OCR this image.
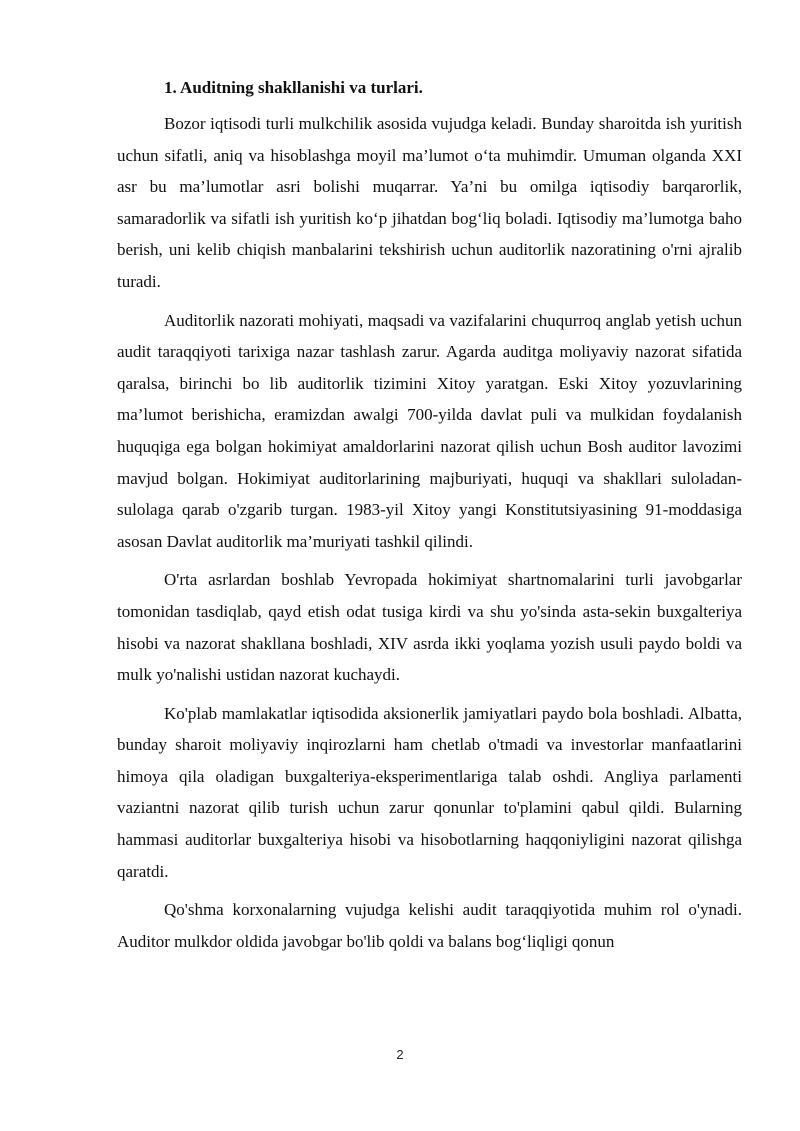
1. Auditning shakllanishi va turlari.

Bozor iqtisodi turli mulkchilik asosida vujudga keladi. Bunday sharoitda ish yuritish uchun sifatli, aniq va hisoblashga moyil ma’lumot o‘ta muhimdir. Umuman olganda XXI asr bu ma’lumotlar asri bolishi muqarrar. Ya’ni bu omilga iqtisodiy barqarorlik, samaradorlik va sifatli ish yuritish ko‘p jihatdan bog‘liq boladi. Iqtisodiy ma’lumotga baho berish, uni kelib chiqish manbalarini tekshirish uchun auditorlik nazoratining o'rni ajralib turadi.

Auditorlik nazorati mohiyati, maqsadi va vazifalarini chuqurroq anglab yetish uchun audit taraqqiyoti tarixiga nazar tashlash zarur. Agarda auditga moliyaviy nazorat sifatida qaralsa, birinchi bo lib auditorlik tizimini Xitoy yaratgan. Eski Xitoy yozuvlarining ma’lumot berishicha, eramizdan awalgi 700-yilda davlat puli va mulkidan foydalanish huquqiga ega bolgan hokimiyat amaldorlarini nazorat qilish uchun Bosh auditor lavozimi mavjud bolgan. Hokimiyat auditorlarining majburiyati, huquqi va shakllari suloladan-sulolaga qarab o'zgarib turgan. 1983-yil Xitoy yangi Konstitutsiyasining 91-moddasiga asosan Davlat auditorlik ma’muriyati tashkil qilindi.

O'rta asrlardan boshlab Yevropada hokimiyat shartnomalarini turli javobgarlar tomonidan tasdiqlab, qayd etish odat tusiga kirdi va shu yo'sinda asta-sekin buxgalteriya hisobi va nazorat shakllana boshladi, XIV asrda ikki yoqlama yozish usuli paydo boldi va mulk yo'nalishi ustidan nazorat kuchaydi.

Ko'plab mamlakatlar iqtisodida aksionerlik jamiyatlari paydo bola boshladi. Albatta, bunday sharoit moliyaviy inqirozlarni ham chetlab o'tmadi va investorlar manfaatlarini himoya qila oladigan buxgalteriya-eksperimentlariga talab oshdi. Angliya parlamenti vaziantni nazorat qilib turish uchun zarur qonunlar to'plamini qabul qildi. Bularning hammasi auditorlar buxgalteriya hisobi va hisobotlarning haqqoniyligini nazorat qilishga qaratdi.

Qo'shma korxonalarning vujudga kelishi audit taraqqiyotida muhim rol o'ynadi. Auditor mulkdor oldida javobgar bo'lib qoldi va balans bog‘liqligi qonun

2
